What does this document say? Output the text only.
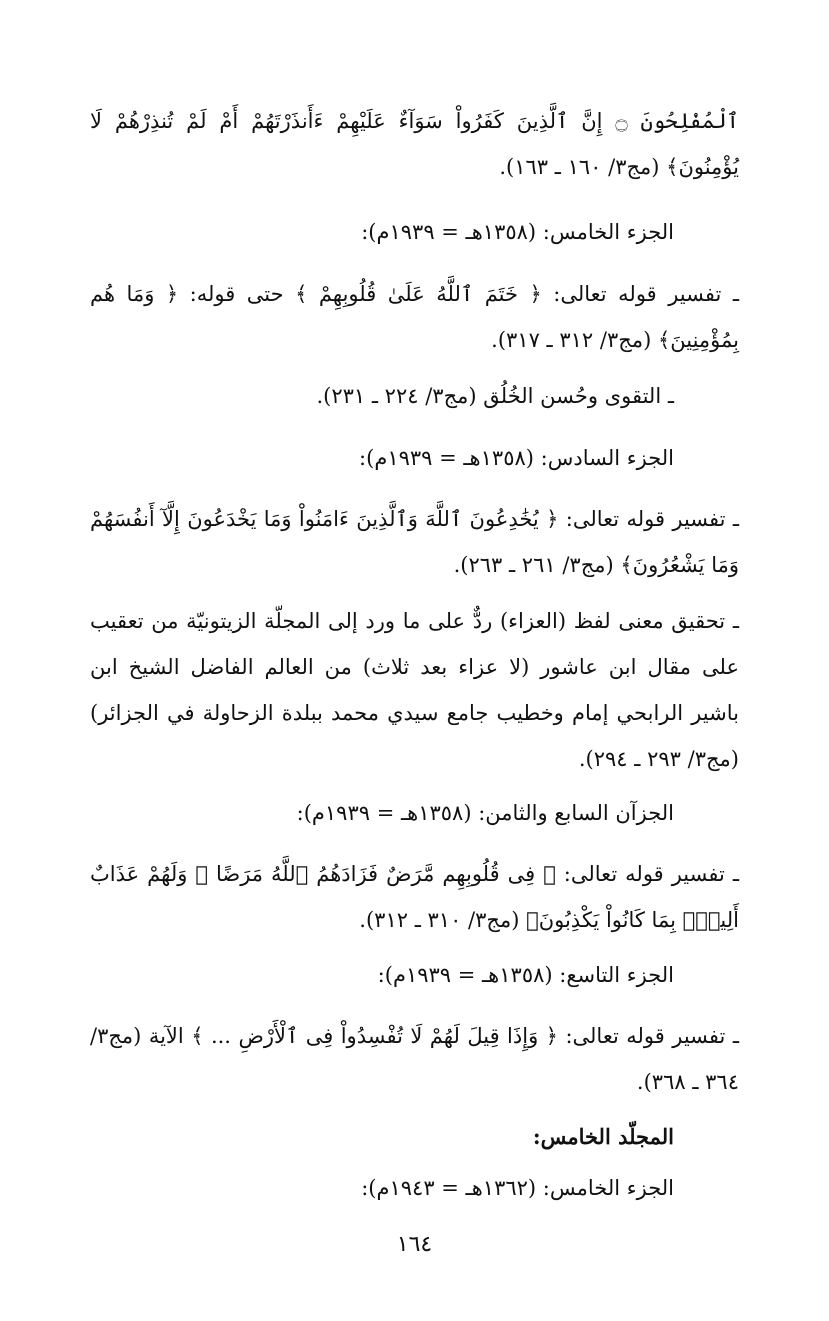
ٱلْمُفْلِحُونَ ۝ إِنَّ ٱلَّذِينَ كَفَرُواْ سَوَآءٌ عَلَيْهِمْ ءَأَنذَرْتَهُمْ أَمْ لَمْ تُنذِرْهُمْ لَا يُؤْمِنُونَ﴾ (مج٣/ ١٦٠ ـ ١٦٣).

الجزء الخامس: (١٣٥٨هـ = ١٩٣٩م):

ـ تفسير قوله تعالى: ﴿ خَتَمَ ٱللَّهُ عَلَىٰ قُلُوبِهِمْ ﴾ حتى قوله: ﴿ وَمَا هُم بِمُؤْمِنِينَ﴾ (مج٣/ ٣١٢ ـ ٣١٧).

ـ التقوى وحُسن الخُلُق (مج٣/ ٢٢٤ ـ ٢٣١).

الجزء السادس: (١٣٥٨هـ = ١٩٣٩م):

ـ تفسير قوله تعالى: ﴿ يُخَٰدِعُونَ ٱللَّهَ وَٱلَّذِينَ ءَامَنُواْ وَمَا يَخْدَعُونَ إِلَّآ أَنفُسَهُمْ وَمَا يَشْعُرُونَ﴾ (مج٣/ ٢٦١ ـ ٢٦٣).

ـ تحقيق معنى لفظ (العزاء) ردٌّ على ما ورد إلى المجلّة الزيتونيّة من تعقيب على مقال ابن عاشور (لا عزاء بعد ثلاث) من العالم الفاضل الشيخ ابن باشير الرابحي إمام وخطيب جامع سيدي محمد ببلدة الزحاولة في الجزائر) (مج٣/ ٢٩٣ ـ ٢٩٤).

الجزآن السابع والثامن: (١٣٥٨هـ = ١٩٣٩م):

ـ تفسير قوله تعالى: ﴿ فِى قُلُوبِهِم مَّرَضٌ فَزَادَهُمُ ٱللَّهُ مَرَضًا ۖ وَلَهُمْ عَذَابٌ أَلِيمٌۢ بِمَا كَانُواْ يَكْذِبُونَ﴾ (مج٣/ ٣١٠ ـ ٣١٢).

الجزء التاسع: (١٣٥٨هـ = ١٩٣٩م):

ـ تفسير قوله تعالى: ﴿ وَإِذَا قِيلَ لَهُمْ لَا تُفْسِدُواْ فِى ٱلْأَرْضِ ... ﴾ الآية (مج٣/ ٣٦٤ ـ ٣٦٨).

المجلّد الخامس:

الجزء الخامس: (١٣٦٢هـ = ١٩٤٣م):

١٦٤
